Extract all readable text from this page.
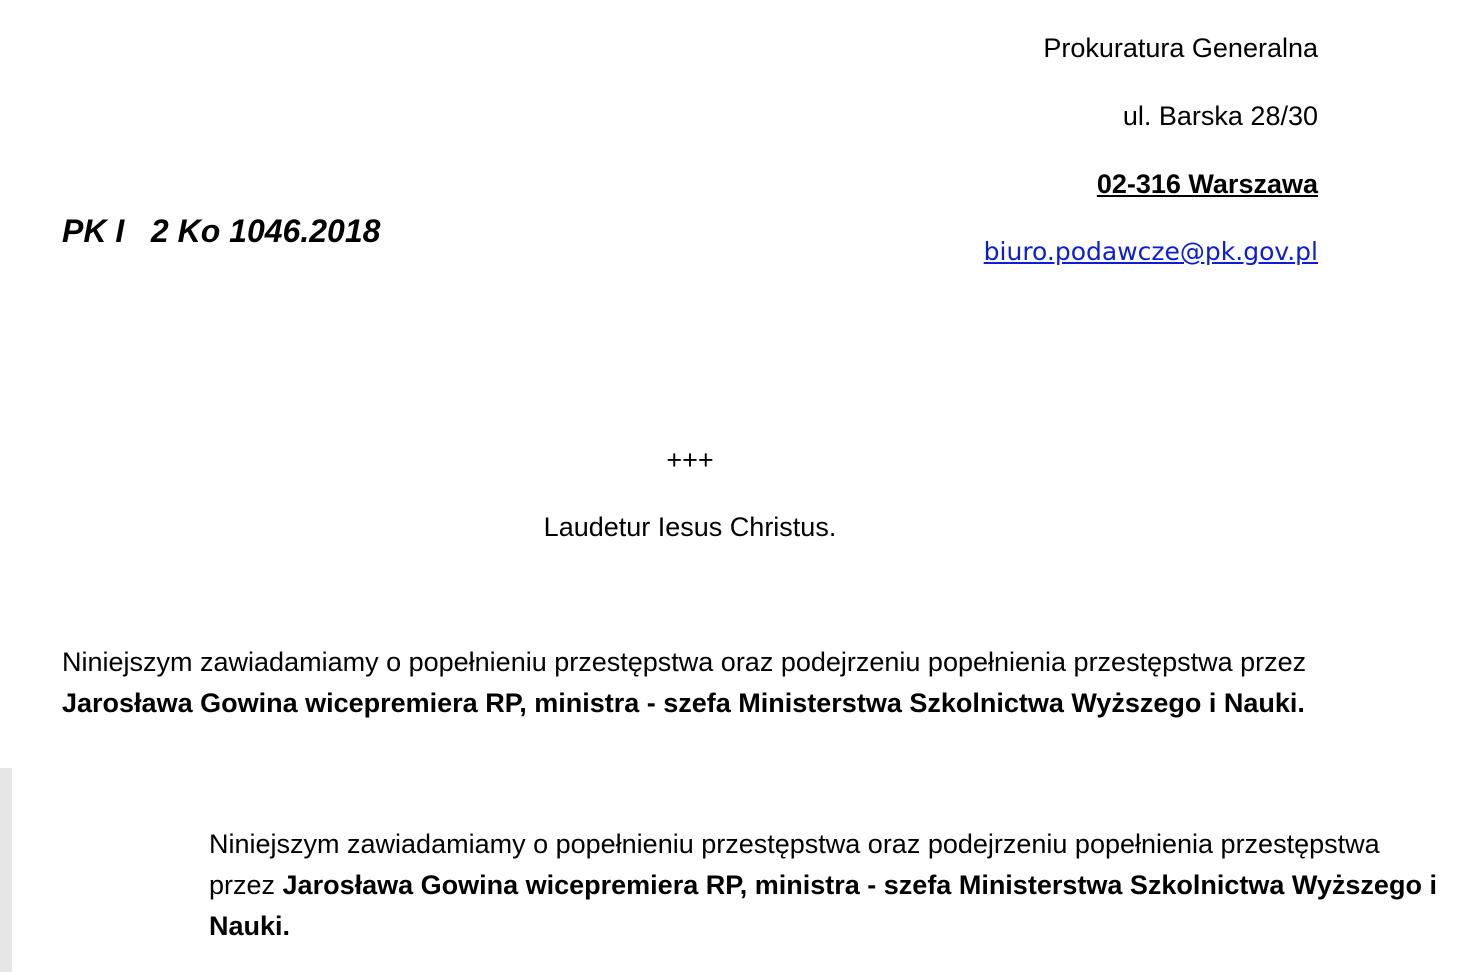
Prokuratura Generalna
ul. Barska 28/30
02-316 Warszawa
biuro.podawcze@pk.gov.pl
PK I   2 Ko 1046.2018
+++
Laudetur Iesus Christus.

Niniejszym zawiadamiamy o popełnieniu przestępstwa oraz podejrzeniu popełnienia przestępstwa przez Jarosława Gowina wicepremiera RP, ministra - szefa Ministerstwa Szkolnictwa Wyższego i Nauki.

Niniejszym zawiadamiamy o popełnieniu przestępstwa oraz podejrzeniu popełnienia przestępstwa przez Jarosława Gowina wicepremiera RP, ministra - szefa Ministerstwa Szkolnictwa Wyższego i Nauki.
